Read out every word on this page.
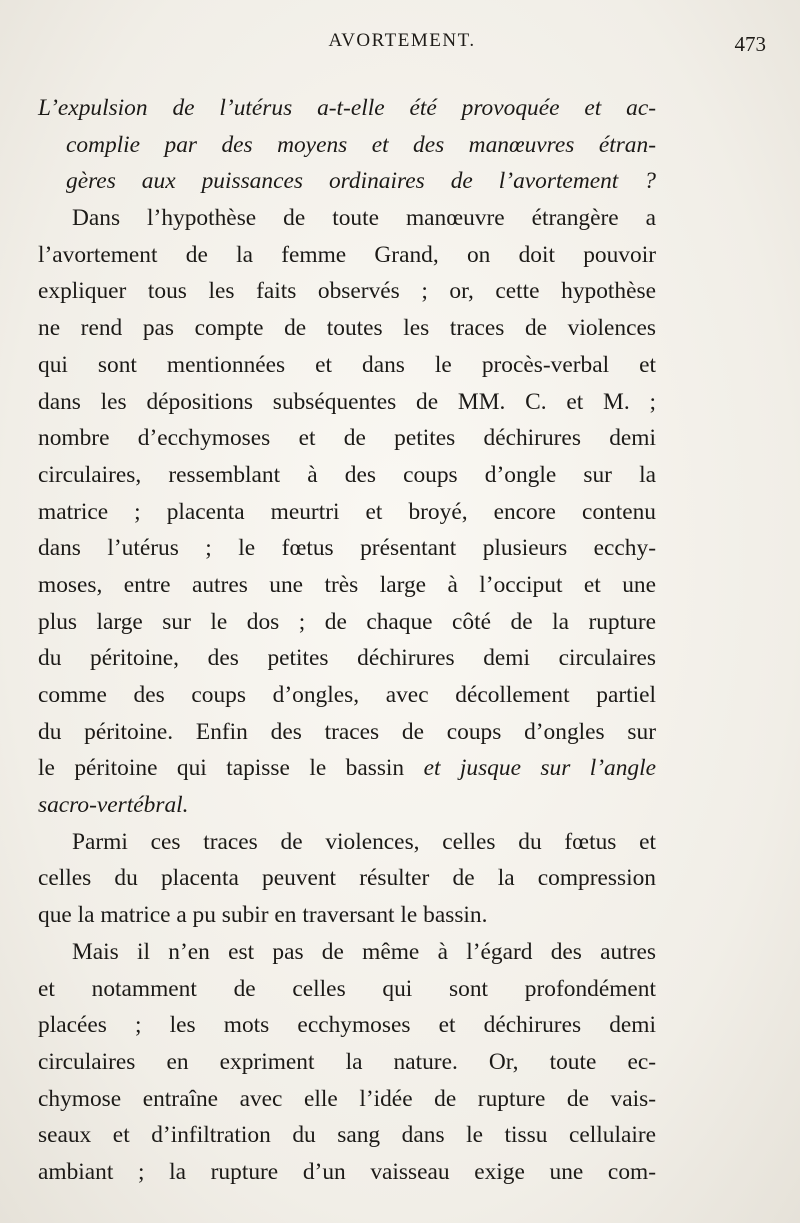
AVORTEMENT.	473
L’expulsion de l’utérus a-t-elle été provoquée et ac-
complie par des moyens et des manœuvres étran-
gères aux puissances ordinaires de l’avortement ?
Dans l’hypothèse de toute manœuvre étrangère a
l’avortement de la femme Grand, on doit pouvoir
expliquer tous les faits observés ; or, cette hypothèse
ne rend pas compte de toutes les traces de violences
qui sont mentionnées et dans le procès-verbal et
dans les dépositions subséquentes de MM. C. et M. ;
nombre d’ecchymoses et de petites déchirures demi
circulaires, ressemblant à des coups d’ongle sur la
matrice ; placenta meurtri et broyé, encore contenu
dans l’utérus ; le fœtus présentant plusieurs ecchy-
moses, entre autres une très large à l’occiput et une
plus large sur le dos ; de chaque côté de la rupture
du péritoine, des petites déchirures demi circulaires
comme des coups d’ongles, avec décollement partiel
du péritoine. Enfin des traces de coups d’ongles sur
le péritoine qui tapisse le bassin et jusque sur l’angle
sacro-vertébral.
Parmi ces traces de violences, celles du fœtus et
celles du placenta peuvent résulter de la compression
que la matrice a pu subir en traversant le bassin.
Mais il n’en est pas de même à l’égard des autres
et notamment de celles qui sont profondément
placées ; les mots ecchymoses et déchirures demi
circulaires en expriment la nature. Or, toute ec-
chymose entraîne avec elle l’idée de rupture de vais-
seaux et d’infiltration du sang dans le tissu cellulaire
ambiant ; la rupture d’un vaisseau exige une com-
